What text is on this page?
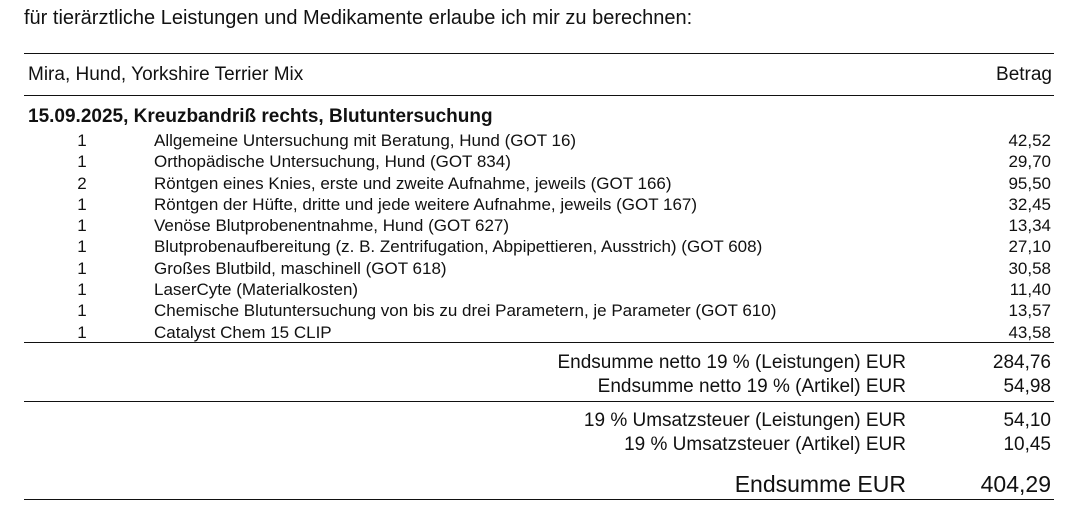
für tierärztliche Leistungen und Medikamente erlaube ich mir zu berechnen:
Mira, Hund, Yorkshire Terrier Mix	Betrag
15.09.2025, Kreuzbandriß rechts, Blutuntersuchung
1	Allgemeine Untersuchung mit Beratung, Hund (GOT 16)	42,52
1	Orthopädische Untersuchung, Hund (GOT 834)	29,70
2	Röntgen eines Knies, erste und zweite Aufnahme, jeweils (GOT 166)	95,50
1	Röntgen der Hüfte, dritte und jede weitere Aufnahme, jeweils (GOT 167)	32,45
1	Venöse Blutprobenentnahme, Hund (GOT 627)	13,34
1	Blutprobenaufbereitung (z. B. Zentrifugation, Abpipettieren, Ausstrich) (GOT 608)	27,10
1	Großes Blutbild, maschinell (GOT 618)	30,58
1	LaserCyte (Materialkosten)	11,40
1	Chemische Blutuntersuchung von bis zu drei Parametern, je Parameter (GOT 610)	13,57
1	Catalyst Chem 15 CLIP	43,58
Endsumme netto 19 % (Leistungen) EUR	284,76
Endsumme netto 19 % (Artikel) EUR	54,98
19 % Umsatzsteuer (Leistungen) EUR	54,10
19 % Umsatzsteuer (Artikel) EUR	10,45
Endsumme EUR	404,29
